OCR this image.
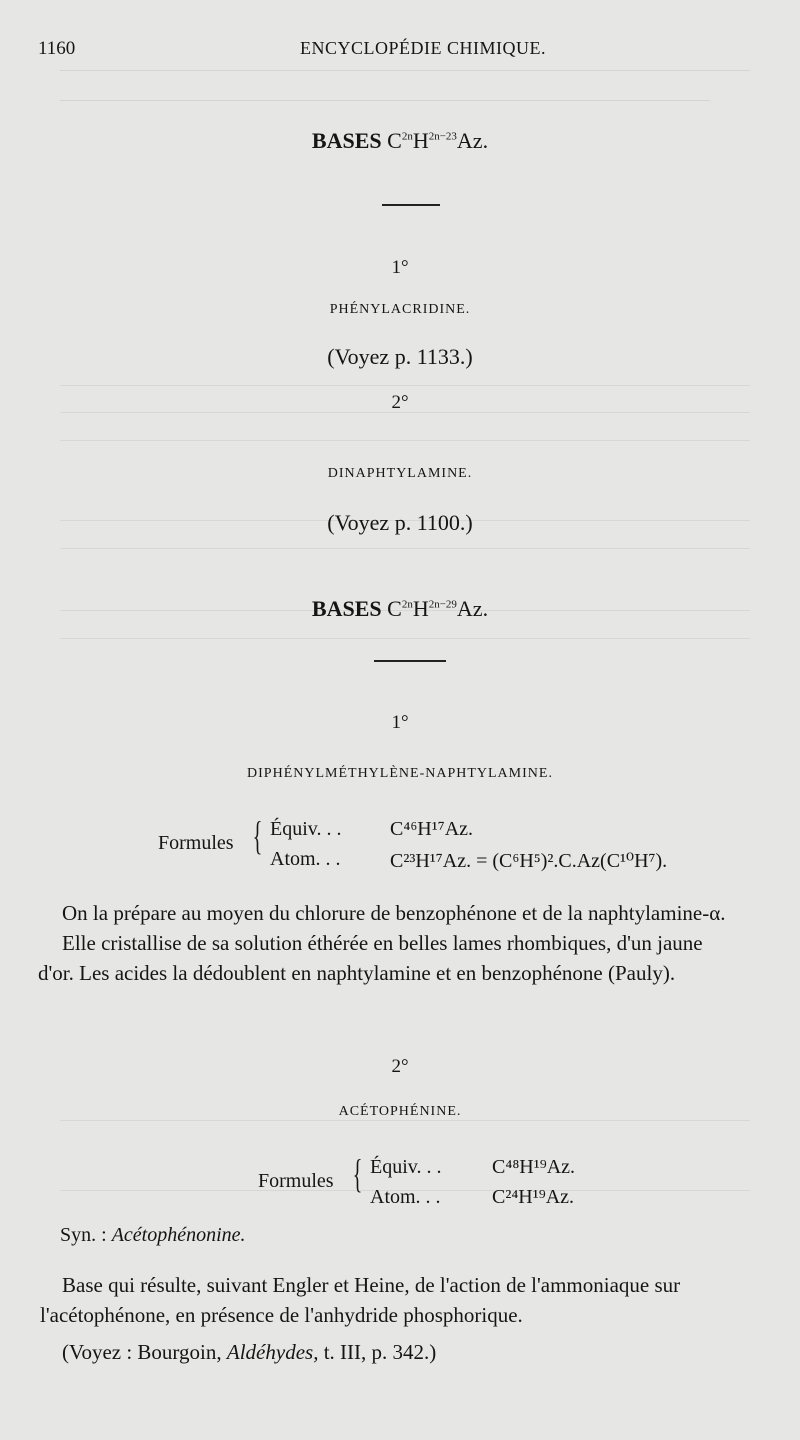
1160	ENCYCLOPÉDIE CHIMIQUE.
BASES $C^{2n}H^{2n-23}Az$.
1°
PHÉNYLACRIDINE.
(Voyez p. 1133.)
2°
DINAPHTYLAMINE.
(Voyez p. 1100.)
BASES $C^{2n}H^{2n-29}Az$.
1°
DIPHÉNYLMÉTHYLÈNE-NAPHTYLAMINE.
Formules { Équiv. . . C⁴⁶H¹⁷Az.
Atom. . . C²³H¹⁷Az. = (C⁶H⁵)².C.Az(C¹⁰H⁷).
On la prépare au moyen du chlorure de benzophénone et de la naphtylamine-α.
Elle cristallise de sa solution éthérée en belles lames rhombiques, d'un jaune
d'or. Les acides la dédoublent en naphtylamine et en benzophénone (Pauly).
2°
ACÉTOPHÉNINE.
Formules { Équiv. . .	C⁴⁸H¹⁹Az.
Atom. . .	C²⁴H¹⁹Az.
Syn. : Acétophénonine.
Base qui résulte, suivant Engler et Heine, de l'action de l'ammoniaque sur
l'acétophénone, en présence de l'anhydride phosphorique.
(Voyez : Bourgoin, Aldéhydes, t. III, p. 342.)
